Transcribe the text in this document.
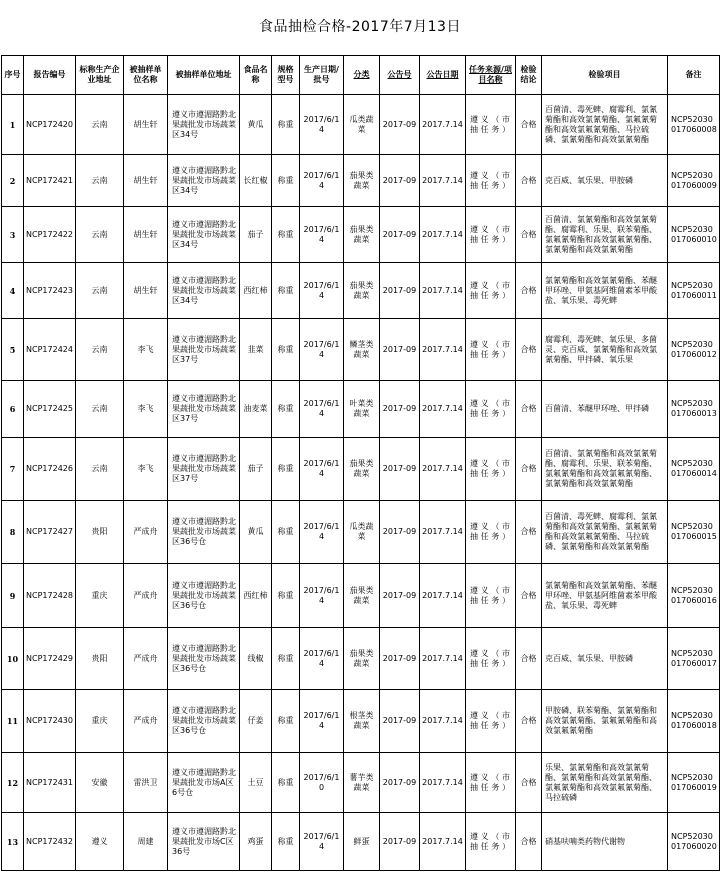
食品抽检合格-2017年7月13日
序号	报告编号	标称生产企业地址	被抽样单位名称	被抽样单位地址	食品名称	规格型号	生产日期/批号	分类	公告号	公告日期	任务来源/项目名称	检验结论	检验项目	备注
1	NCP172420	云南	胡生轩	遵义市遵湄路黔北果蔬批发市场蔬菜区34号	黄瓜	称重	2017/6/14	瓜类蔬菜	2017-09	2017.7.14	遵义（市抽任务）	合格	百菌清、毒死蜱、腐霉利、氯氰菊酯和高效氯氰菊酯、氯氟氰菊酯和高效氯氟氰菊酯、马拉硫磷、氯氰菊酯和高效氯氰菊酯	NCP52030017060008
2	NCP172421	云南	胡生轩	遵义市遵湄路黔北果蔬批发市场蔬菜区34号	长红椒	称重	2017/6/14	茄果类蔬菜	2017-09	2017.7.14	遵义（市抽任务）	合格	克百威、氧乐果、甲胺磷	NCP52030017060009
3	NCP172422	云南	胡生轩	遵义市遵湄路黔北果蔬批发市场蔬菜区34号	茄子	称重	2017/6/14	茄果类蔬菜	2017-09	2017.7.14	遵义（市抽任务）	合格	百菌清、氯氰菊酯和高效氯氰菊酯、腐霉利、乐果、联苯菊酯、氯氟氰菊酯和高效氯氟氰菊酯、氯氰菊酯和高效氯氰菊酯	NCP52030017060010
4	NCP172423	云南	胡生轩	遵义市遵湄路黔北果蔬批发市场蔬菜区34号	西红柿	称重	2017/6/14	茄果类蔬菜	2017-09	2017.7.14	遵义（市抽任务）	合格	氯氰菊酯和高效氯氰菊酯、苯醚甲环唑、甲氨基阿维菌素苯甲酸盐、氧乐果、毒死蜱	NCP52030017060011
5	NCP172424	云南	李飞	遵义市遵湄路黔北果蔬批发市场蔬菜区37号	韭菜	称重	2017/6/14	鳞茎类蔬菜	2017-09	2017.7.14	遵义（市抽任务）	合格	腐霉利、毒死蜱、氧乐果、多菌灵、克百威、氯氰菊酯和高效氯氰菊酯、甲拌磷、氧乐果	NCP52030017060012
6	NCP172425	云南	李飞	遵义市遵湄路黔北果蔬批发市场蔬菜区37号	油麦菜	称重	2017/6/14	叶菜类蔬菜	2017-09	2017.7.14	遵义（市抽任务）	合格	百菌清、苯醚甲环唑、甲拌磷	NCP52030017060013
7	NCP172426	云南	李飞	遵义市遵湄路黔北果蔬批发市场蔬菜区37号	茄子	称重	2017/6/14	茄果类蔬菜	2017-09	2017.7.14	遵义（市抽任务）	合格	百菌清、氯氰菊酯和高效氯氰菊酯、腐霉利、乐果、联苯菊酯、氯氟氰菊酯和高效氯氟氰菊酯、氯氰菊酯和高效氯氰菊酯	NCP52030017060014
8	NCP172427	贵阳	严成舟	遵义市遵湄路黔北果蔬批发市场蔬菜区36号仓	黄瓜	称重	2017/6/14	瓜类蔬菜	2017-09	2017.7.14	遵义（市抽任务）	合格	百菌清、毒死蜱、腐霉利、氯氰菊酯和高效氯氰菊酯、氯氟氰菊酯和高效氯氟氰菊酯、马拉硫磷、氯氰菊酯和高效氯氰菊酯	NCP52030017060015
9	NCP172428	重庆	严成舟	遵义市遵湄路黔北果蔬批发市场蔬菜区36号仓	西红柿	称重	2017/6/14	茄果类蔬菜	2017-09	2017.7.14	遵义（市抽任务）	合格	氯氰菊酯和高效氯氰菊酯、苯醚甲环唑、甲氨基阿维菌素苯甲酸盐、氧乐果、毒死蜱	NCP52030017060016
10	NCP172429	贵阳	严成舟	遵义市遵湄路黔北果蔬批发市场蔬菜区36号仓	线椒	称重	2017/6/14	茄果类蔬菜	2017-09	2017.7.14	遵义（市抽任务）	合格	克百威、氧乐果、甲胺磷	NCP52030017060017
11	NCP172430	重庆	严成舟	遵义市遵湄路黔北果蔬批发市场蔬菜区36号仓	仔姜	称重	2017/6/14	根茎类蔬菜	2017-09	2017.7.14	遵义（市抽任务）	合格	甲胺磷、联苯菊酯、氯氰菊酯和高效氯氰菊酯、氯氟氰菊酯和高效氯氟氰菊酯	NCP52030017060018
12	NCP172431	安徽	雷洪卫	遵义市遵湄路黔北果蔬批发市场A区6号仓	土豆	称重	2017/6/10	薯芋类蔬菜	2017-09	2017.7.14	遵义（市抽任务）	合格	乐果、氯氰菊酯和高效氯氰菊酯、氯氰菊酯和高效氯氰菊酯、氯氟氰菊酯和高效氯氟氰菊酯、马拉硫磷	NCP52030017060019
13	NCP172432	遵义	周建	遵义市遵湄路黔北果蔬批发市场C区36号	鸡蛋	称重	2017/6/14	鲜蛋	2017-09	2017.7.14	遵义（市抽任务）	合格	硝基呋喃类药物代谢物	NCP52030017060020
